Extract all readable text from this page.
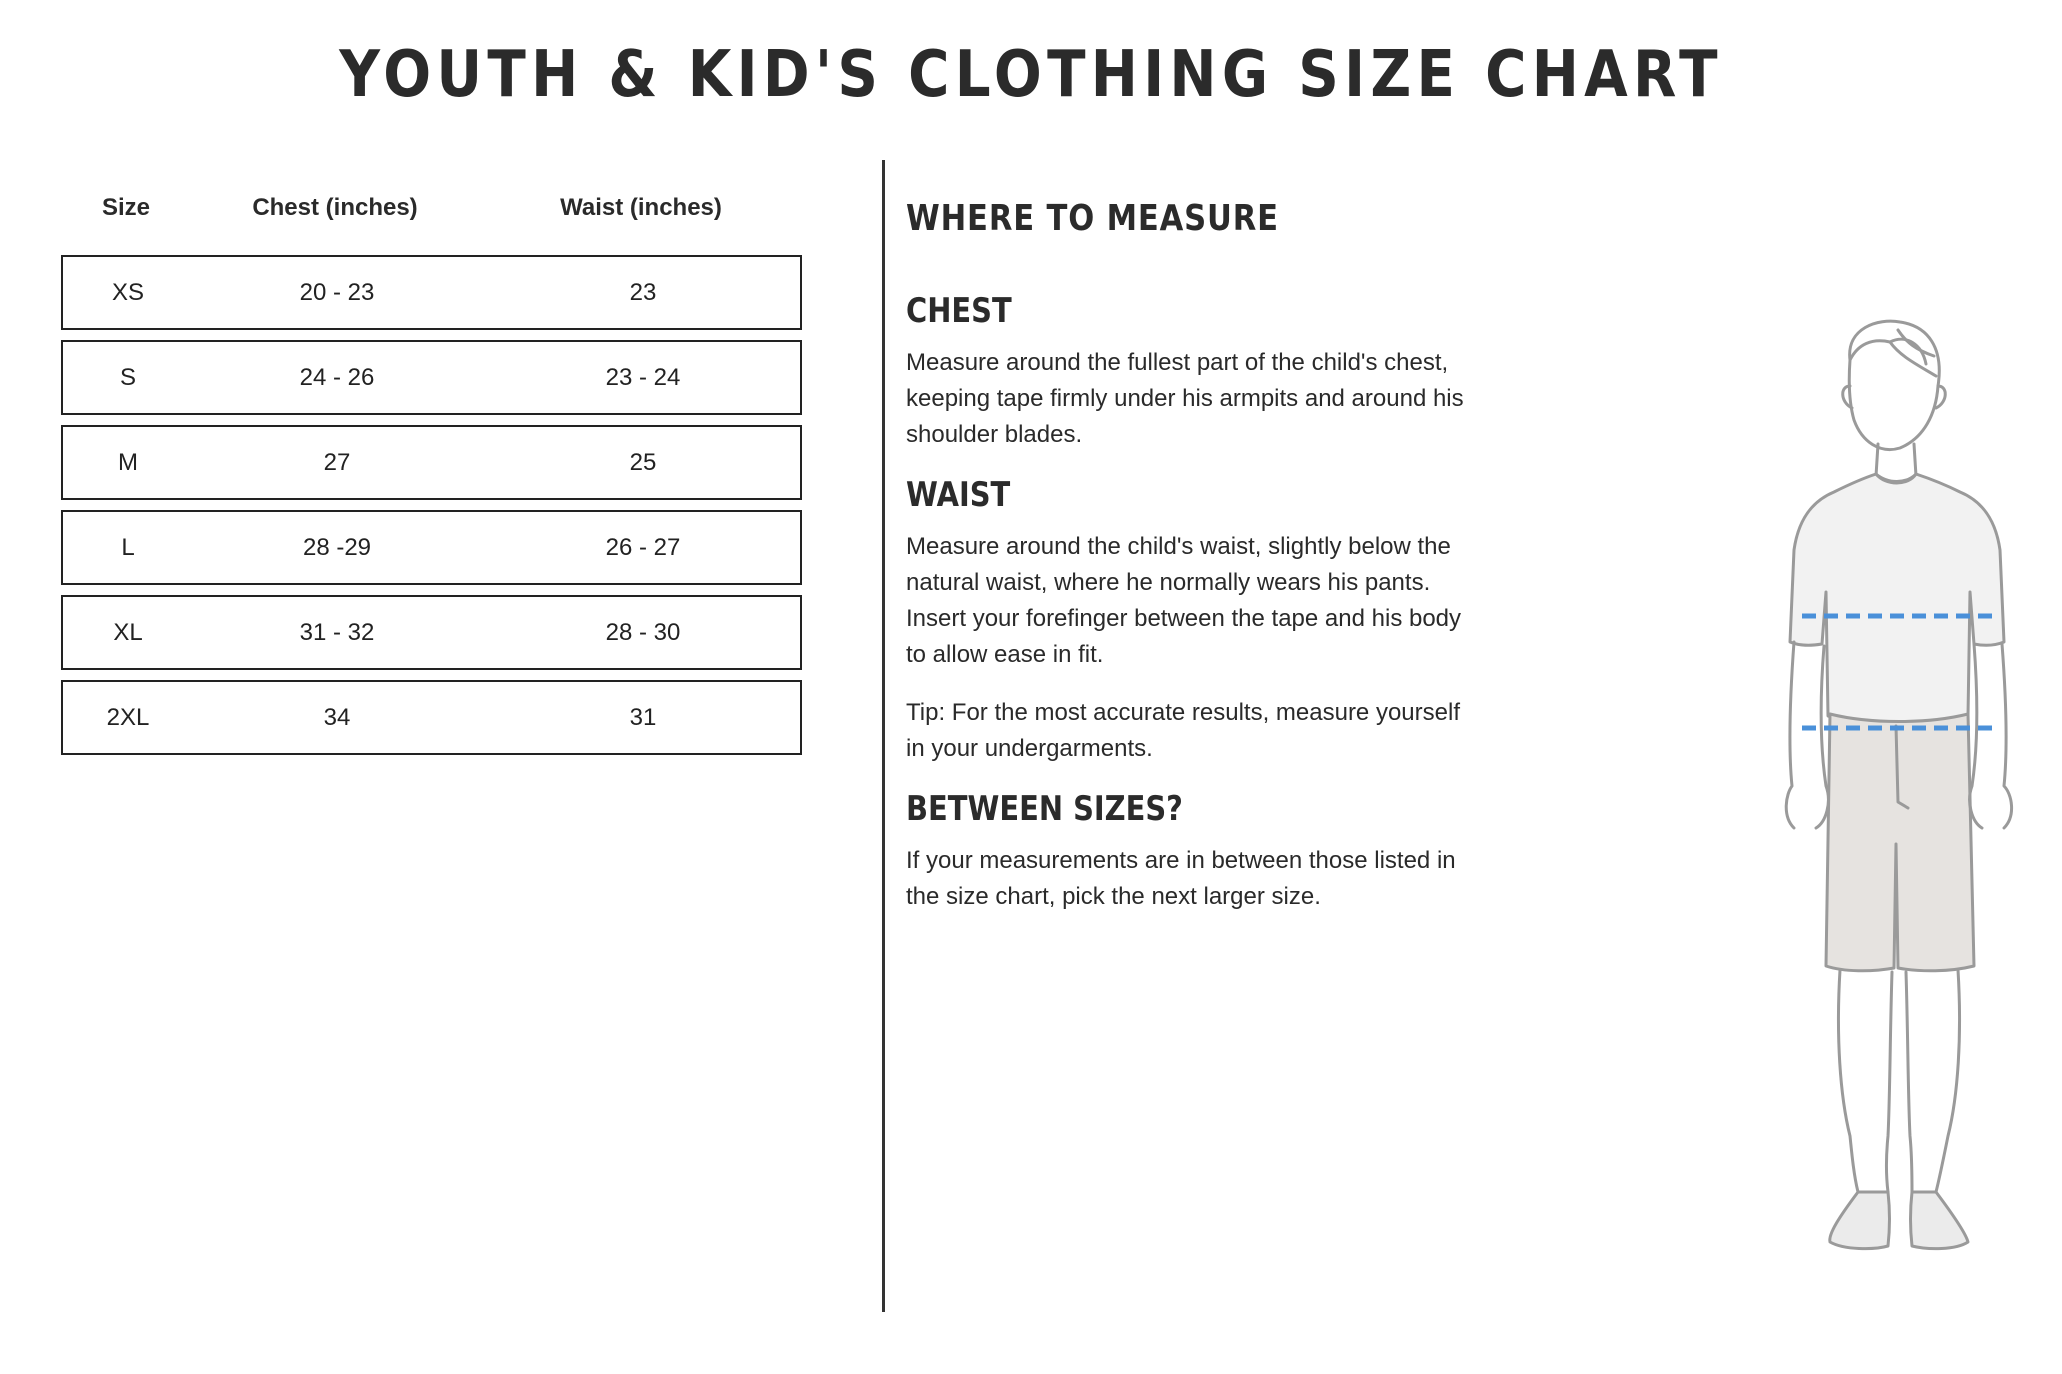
YOUTH & KID'S CLOTHING SIZE CHART
Size	Chest (inches)	Waist (inches)
XS	20 - 23	23
S	24 - 26	23 - 24
M	27	25
L	28 -29	26 - 27
XL	31 - 32	28 - 30
2XL	34	31
WHERE TO MEASURE
CHEST

Measure around the fullest part of the child's chest, keeping tape firmly under his armpits and around his shoulder blades.

WAIST

Measure around the child's waist, slightly below the natural waist, where he normally wears his pants. Insert your forefinger between the tape and his body to allow ease in fit.

Tip: For the most accurate results, measure yourself in your undergarments.

BETWEEN SIZES?

If your measurements are in between those listed in the size chart, pick the next larger size.
